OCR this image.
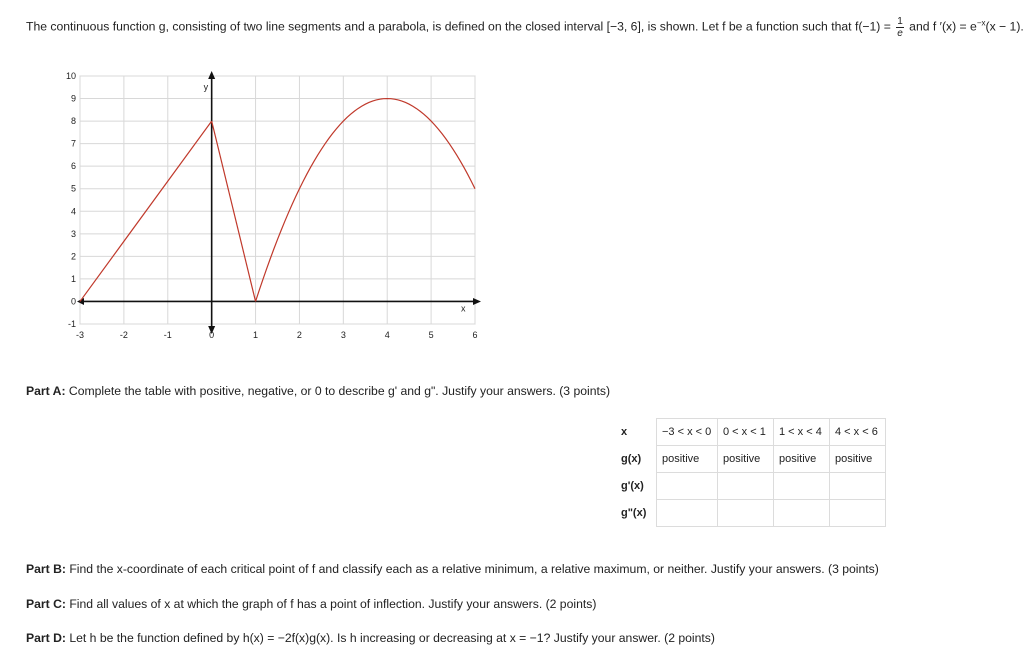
The continuous function g, consisting of two line segments and a parabola, is defined on the closed interval [−3, 6], is shown. Let f be a function such that $f(-1) = \frac{1}{e}$ and f $'(x) = e^{-x}(x - 1)$.
-1
0
1
2
3
4
5
6
7
8
9
10
-3	-2	-1	0	1	2	3	4	5	6
y
x
Part A: Complete the table with positive, negative, or 0 to describe g' and g". Justify your answers. (3 points)
x	−3 < x < 0	0 < x < 1	1 < x < 4	4 < x < 6
g(x)	positive	positive	positive	positive
g'(x)				
g"(x)				
Part B: Find the x-coordinate of each critical point of f and classify each as a relative minimum, a relative maximum, or neither. Justify your answers. (3 points)
Part C: Find all values of x at which the graph of f has a point of inflection. Justify your answers. (2 points)
Part D: Let h be the function defined by h(x) = −2f(x)g(x). Is h increasing or decreasing at x = −1? Justify your answer. (2 points)
